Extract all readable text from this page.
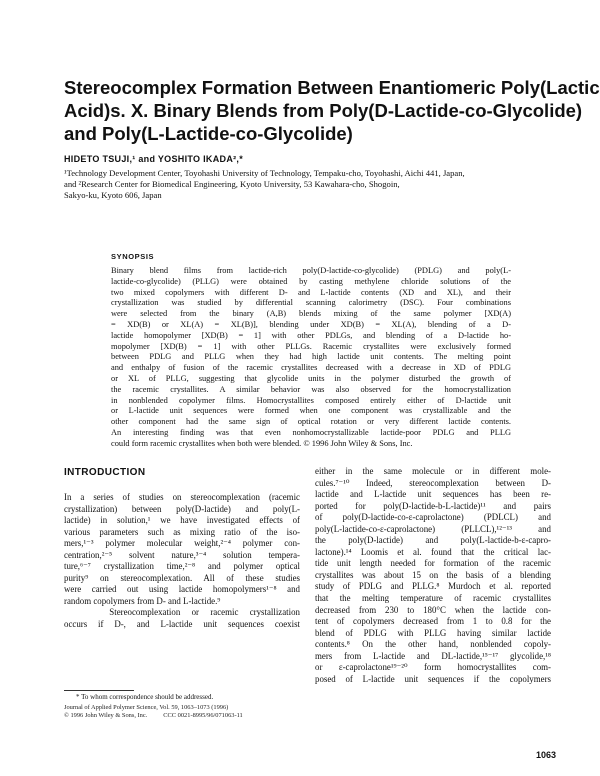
Stereocomplex Formation Between Enantiomeric Poly(Lactic
Acid)s. X. Binary Blends from Poly(D-Lactide-co-Glycolide)
and Poly(L-Lactide-co-Glycolide)
HIDETO TSUJI,¹ and YOSHITO IKADA²,*
¹Technology Development Center, Toyohashi University of Technology, Tempaku-cho, Toyohashi, Aichi 441, Japan,
and ²Research Center for Biomedical Engineering, Kyoto University, 53 Kawahara-cho, Shogoin,
Sakyo-ku, Kyoto 606, Japan
SYNOPSIS
Binary blend films from lactide-rich poly(D-lactide-co-glycolide) (PDLG) and poly(L-
lactide-co-glycolide) (PLLG) were obtained by casting methylene chloride solutions of the
two mixed copolymers with different D- and L-lactide contents (XD and XL), and their
crystallization was studied by differential scanning calorimetry (DSC). Four combinations
were selected from the binary (A,B) blends mixing of the same polymer [XD(A)
= XD(B) or XL(A) = XL(B)], blending under XD(B) = XL(A), blending of a D-
lactide homopolymer [XD(B) = 1] with other PDLGs, and blending of a D-lactide ho-
mopolymer [XD(B) = 1] with other PLLGs. Racemic crystallites were exclusively formed
between PDLG and PLLG when they had high lactide unit contents. The melting point
and enthalpy of fusion of the racemic crystallites decreased with a decrease in XD of PDLG
or XL of PLLG, suggesting that glycolide units in the polymer disturbed the growth of
the racemic crystallites. A similar behavior was also observed for the homocrystallization
in nonblended copolymer films. Homocrystallites composed entirely either of D-lactide unit
or L-lactide unit sequences were formed when one component was crystallizable and the
other component had the same sign of optical rotation or very different lactide contents.
An interesting finding was that even nonhomocrystallizable lactide-poor PDLG and PLLG
could form racemic crystallites when both were blended. © 1996 John Wiley & Sons, Inc.
INTRODUCTION
In a series of studies on stereocomplexation (racemic
crystallization) between poly(D-lactide) and poly(L-
lactide) in solution,¹ we have investigated effects of
various parameters such as mixing ratio of the iso-
mers,¹⁻³ polymer molecular weight,²⁻⁴ polymer con-
centration,²⁻⁵ solvent nature,³⁻⁴ solution tempera-
ture,⁶⁻⁷ crystallization time,²⁻⁸ and polymer optical
purity⁹ on stereocomplexation. All of these studies
were carried out using lactide homopolymers¹⁻⁸ and
random copolymers from D- and L-lactide.⁹
Stereocomplexation or racemic crystallization
occurs if D-, and L-lactide unit sequences coexist
either in the same molecule or in different mole-
cules.⁷⁻¹⁰ Indeed, stereocomplexation between D-
lactide and L-lactide unit sequences has been re-
ported for poly(D-lactide-b-L-lactide)¹¹ and pairs
of poly(D-lactide-co-ε-caprolactone) (PDLCL) and
poly(L-lactide-co-ε-caprolactone) (PLLCL),¹²⁻¹³ and
the poly(D-lactide) and poly(L-lactide-b-ε-capro-
lactone).¹⁴ Loomis et al. found that the critical lac-
tide unit length needed for formation of the racemic
crystallites was about 15 on the basis of a blending
study of PDLG and PLLG.⁸ Murdoch et al. reported
that the melting temperature of racemic crystallites
decreased from 230 to 180°C when the lactide con-
tent of copolymers decreased from 1 to 0.8 for the
blend of PDLG with PLLG having similar lactide
contents.⁸ On the other hand, nonblended copoly-
mers from L-lactide and DL-lactide,¹⁵⁻¹⁷ glycolide,¹⁸
or ε-caprolactone¹⁹⁻²⁰ form homocrystallites com-
posed of L-lactide unit sequences if the copolymers
* To whom correspondence should be addressed.
Journal of Applied Polymer Science, Vol. 59, 1063–1073 (1996)
© 1996 John Wiley & Sons, Inc.          CCC 0021-8995/96/071063-11
1063
